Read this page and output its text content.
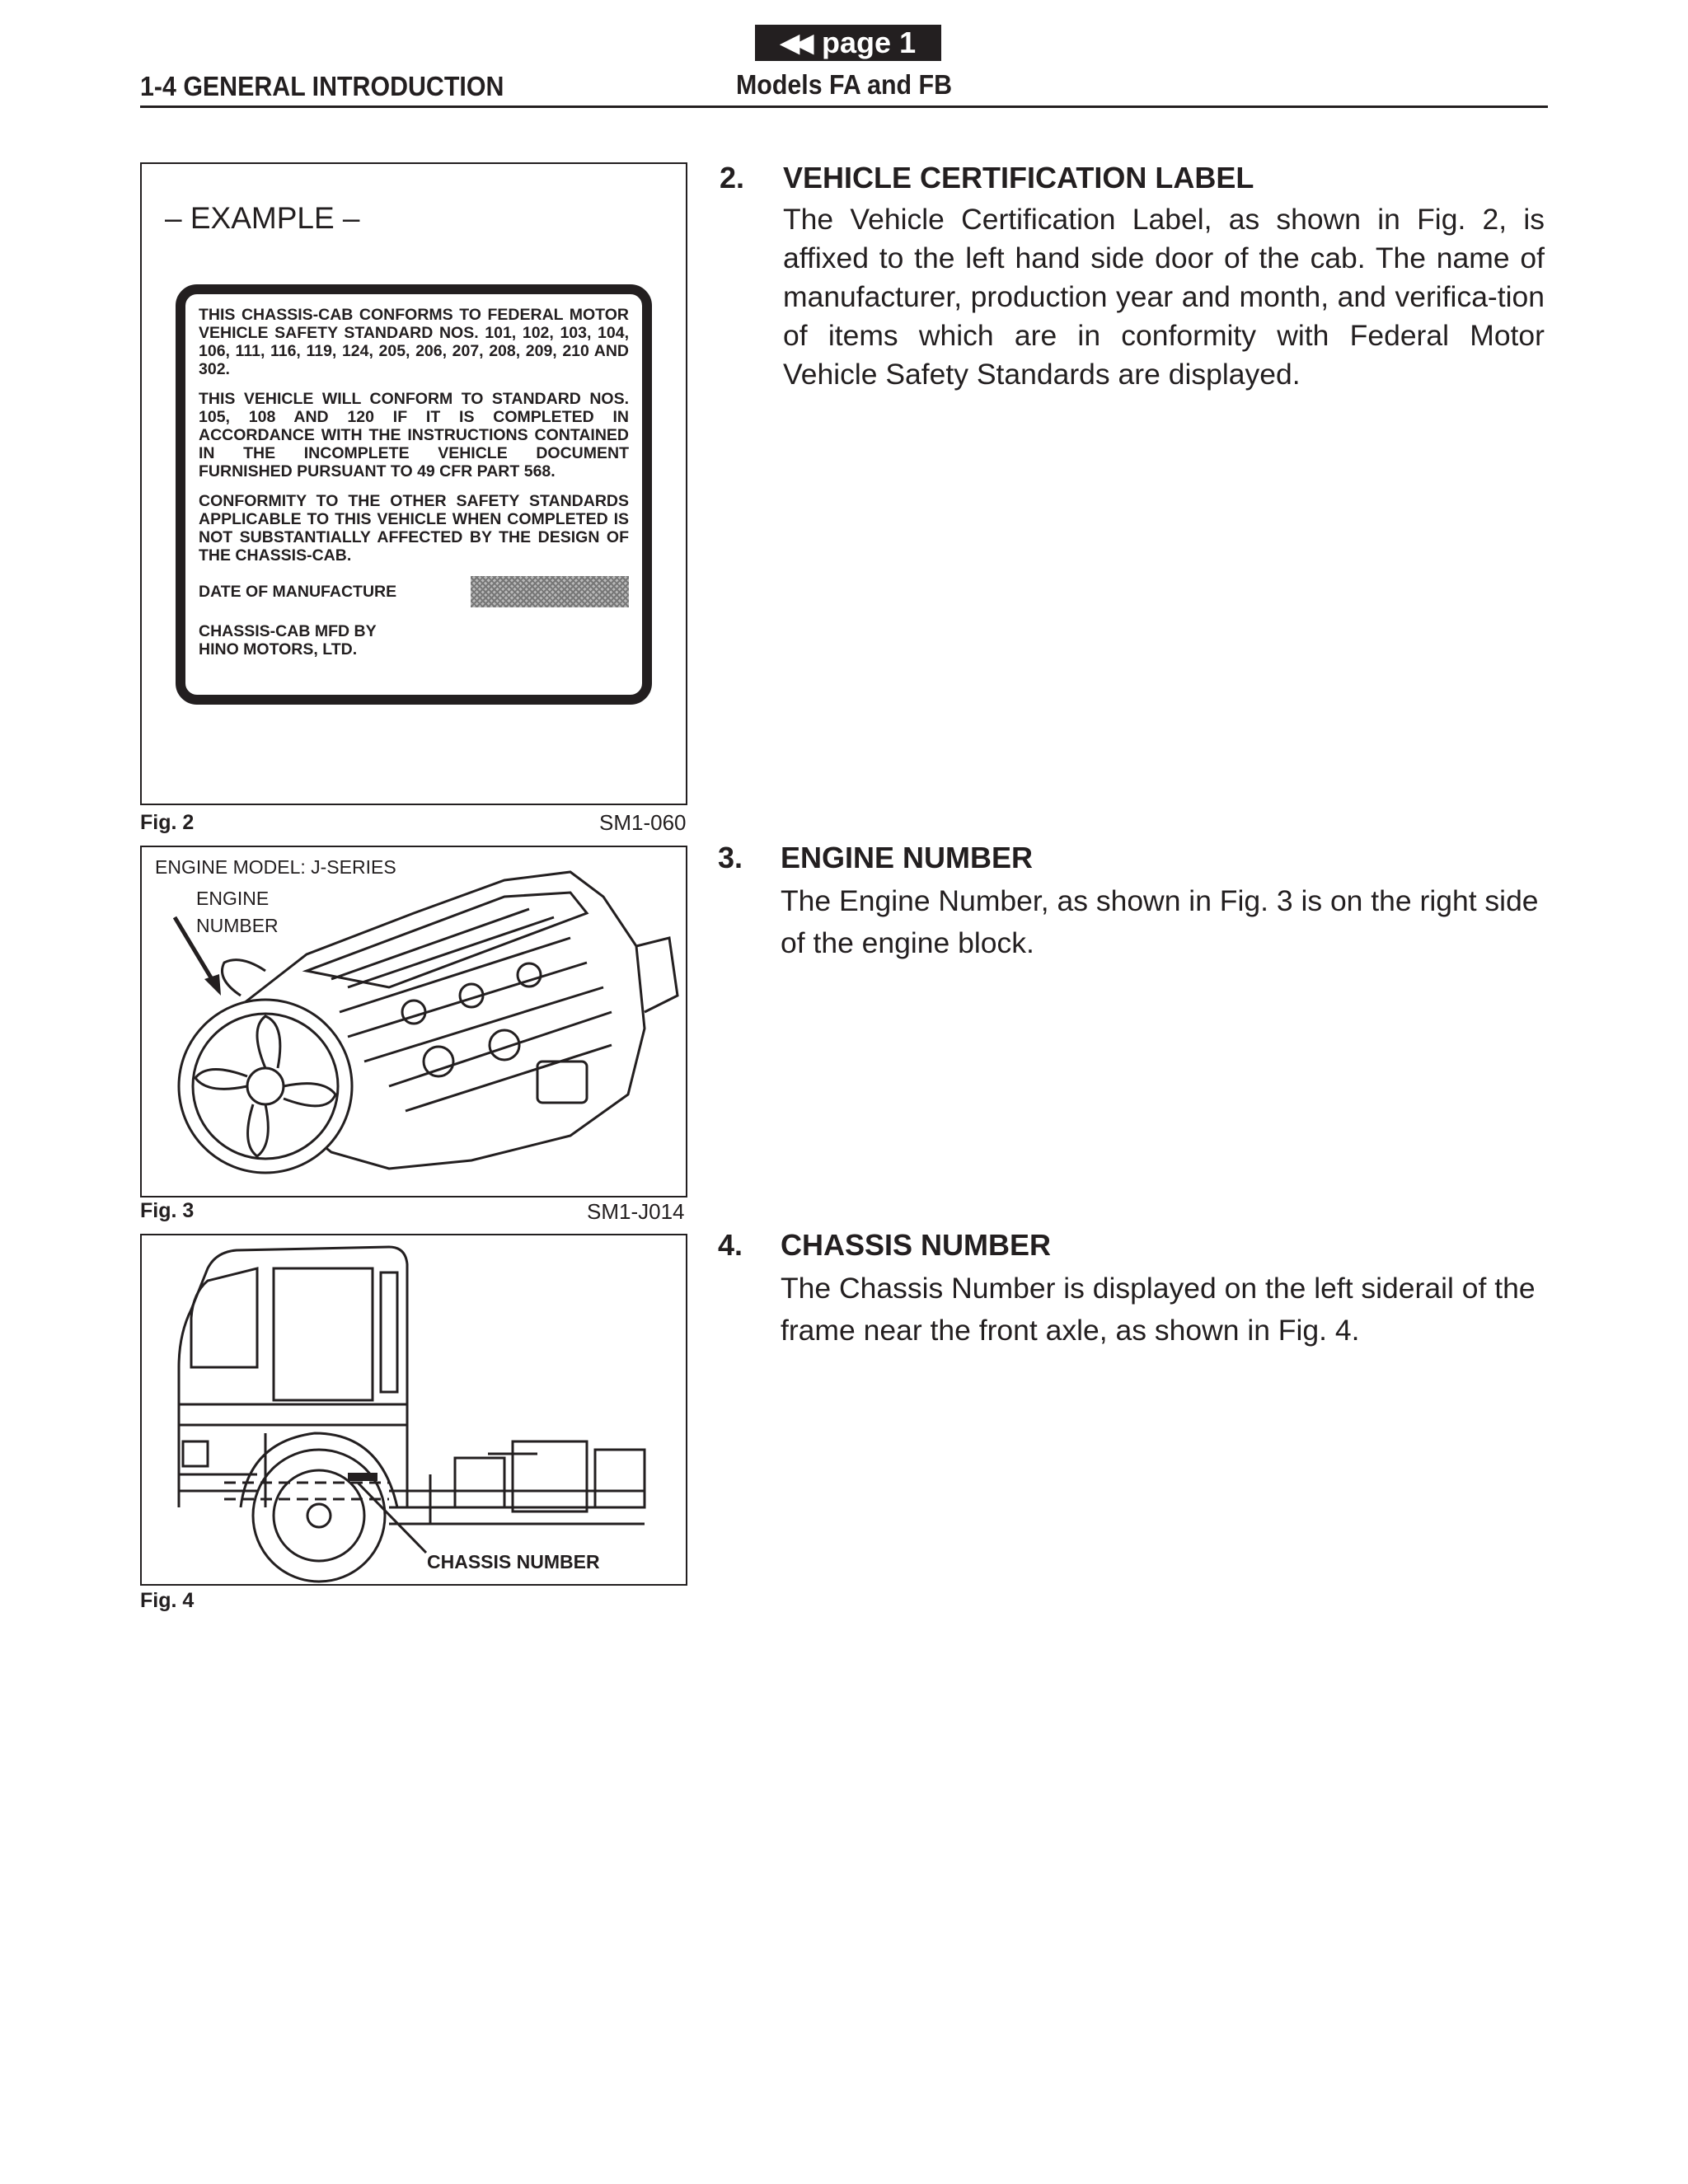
◀◀ page 1
1-4 GENERAL INTRODUCTION	Models FA and FB
– EXAMPLE –

THIS CHASSIS-CAB CONFORMS TO FEDERAL MOTOR VEHICLE SAFETY STANDARD NOS. 101, 102, 103, 104, 106, 111, 116, 119, 124, 205, 206, 207, 208, 209, 210 AND 302.

THIS VEHICLE WILL CONFORM TO STANDARD NOS. 105, 108 AND 120 IF IT IS COMPLETED IN ACCORDANCE WITH THE INSTRUCTIONS CONTAINED IN THE INCOMPLETE VEHICLE DOCUMENT FURNISHED PURSUANT TO 49 CFR PART 568.

CONFORMITY TO THE OTHER SAFETY STANDARDS APPLICABLE TO THIS VEHICLE WHEN COMPLETED IS NOT SUBSTANTIALLY AFFECTED BY THE DESIGN OF THE CHASSIS-CAB.

DATE OF MANUFACTURE
CHASSIS-CAB MFD BY
HINO MOTORS, LTD.
Fig. 2	SM1-060
ENGINE MODEL: J-SERIES
ENGINE
NUMBER
Fig. 3	SM1-J014
CHASSIS NUMBER
Fig. 4
2. VEHICLE CERTIFICATION LABEL
The Vehicle Certification Label, as shown in Fig. 2, is affixed to the left hand side door of the cab. The name of manufacturer, production year and month, and verifica-tion of items which are in conformity with Federal Motor Vehicle Safety Standards are displayed.
3. ENGINE NUMBER
The Engine Number, as shown in Fig. 3 is on the right side of the engine block.
4. CHASSIS NUMBER
The Chassis Number is displayed on the left siderail of the frame near the front axle, as shown in Fig. 4.
